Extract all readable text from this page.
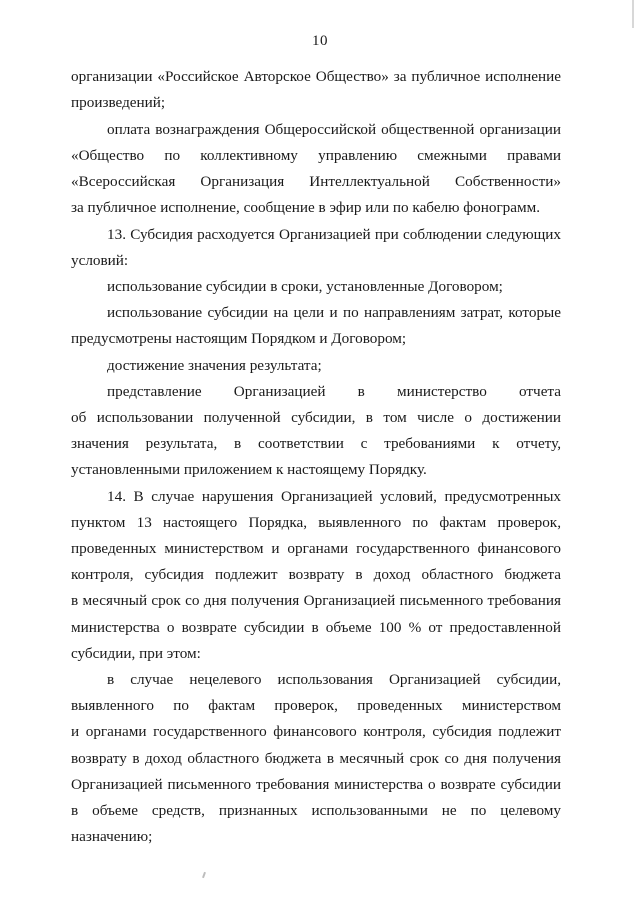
10
организации «Российское Авторское Общество» за публичное исполнение
произведений;
оплата вознаграждения Общероссийской общественной организации
«Общество по коллективному управлению смежными правами
«Всероссийская Организация Интеллектуальной Собственности»
за публичное исполнение, сообщение в эфир или по кабелю фонограмм.
13. Субсидия расходуется Организацией при соблюдении следующих
условий:
использование субсидии в сроки, установленные Договором;
использование субсидии на цели и по направлениям затрат, которые
предусмотрены настоящим Порядком и Договором;
достижение значения результата;
представление Организацией в министерство отчета
об использовании полученной субсидии, в том числе о достижении
значения результата, в соответствии с требованиями к отчету,
установленными приложением к настоящему Порядку.
14. В случае нарушения Организацией условий, предусмотренных
пунктом 13 настоящего Порядка, выявленного по фактам проверок,
проведенных министерством и органами государственного финансового
контроля, субсидия подлежит возврату в доход областного бюджета
в месячный срок со дня получения Организацией письменного требования
министерства о возврате субсидии в объеме 100 % от предоставленной
субсидии, при этом:
в случае нецелевого использования Организацией субсидии,
выявленного по фактам проверок, проведенных министерством
и органами государственного финансового контроля, субсидия подлежит
возврату в доход областного бюджета в месячный срок со дня получения
Организацией письменного требования министерства о возврате субсидии
в объеме средств, признанных использованными не по целевому
назначению;
